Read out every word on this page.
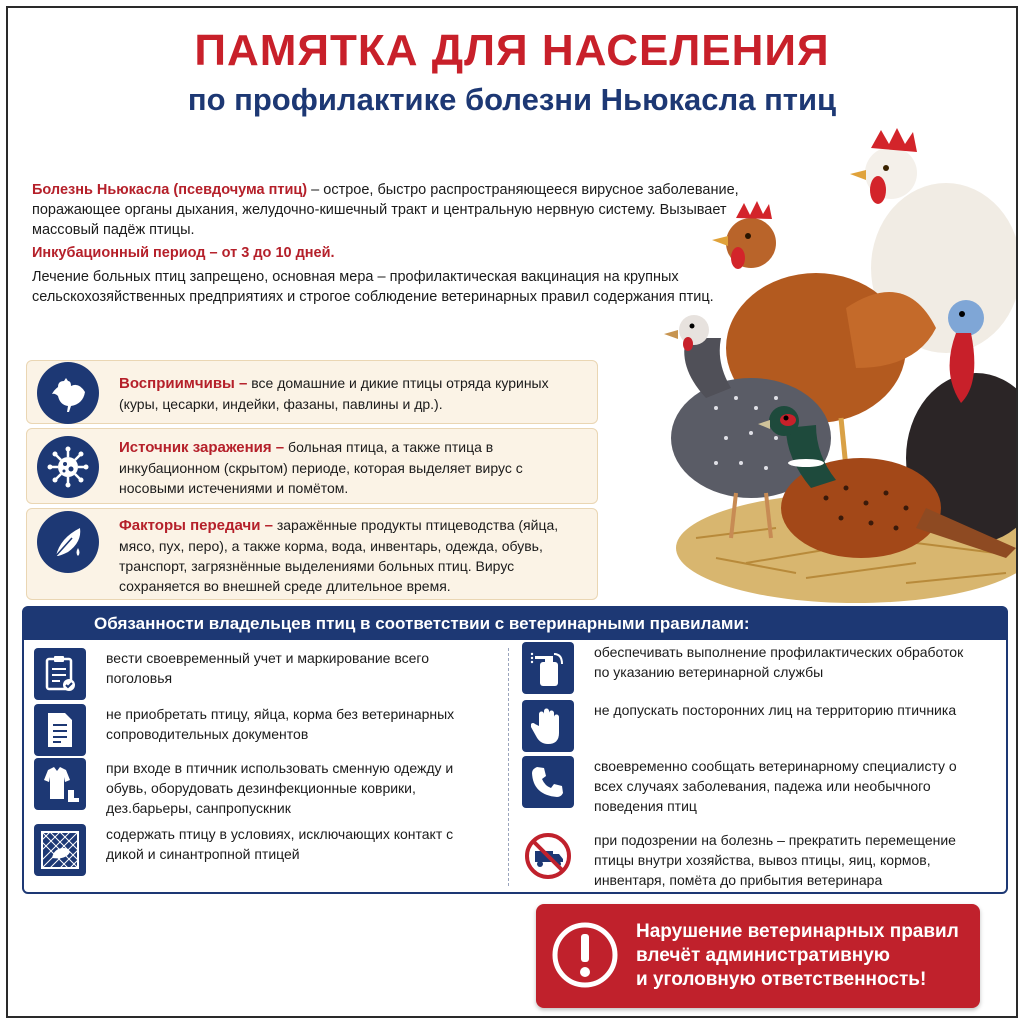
ПАМЯТКА ДЛЯ НАСЕЛЕНИЯ
по профилактике болезни Ньюкасла птиц

Болезнь Ньюкасла (псевдочума птиц) – острое, быстро распространяющееся вирусное заболевание, поражающее органы дыхания, желудочно-кишечный тракт и центральную нервную систему. Вызывает массовый падёж птицы.

Инкубационный период – от 3 до 10 дней.

Лечение больных птиц запрещено, основная мера – профилактическая вакцинация на крупных сельскохозяйственных предприятиях и строгое соблюдение ветеринарных правил содержания птиц.

Восприимчивы – все домашние и дикие птицы отряда куриных (куры, цесарки, индейки, фазаны, павлины и др.).
Источник заражения – больная птица, а также птица в инкубационном (скрытом) периоде, которая выделяет вирус с носовыми истечениями и помётом.
Факторы передачи – заражённые продукты птицеводства (яйца, мясо, пух, перо), а также корма, вода, инвентарь, одежда, обувь, транспорт, загрязнённые выделениями больных птиц. Вирус сохраняется во внешней среде длительное время.
Обязанности владельцев птиц в соответствии с ветеринарными правилами:
вести своевременный учет и маркирование всего поголовья
не приобретать птицу, яйца, корма без ветеринарных сопроводительных документов
при входе в птичник использовать сменную одежду и обувь, оборудовать дезинфекционные коврики, дез.барьеры, санпропускник
содержать птицу в условиях, исключающих контакт с дикой и синантропной птицей
обеспечивать выполнение профилактических обработок по указанию ветеринарной службы
не допускать посторонних лиц на территорию птичника
своевременно сообщать ветеринарному специалисту о всех случаях заболевания, падежа или необычного поведения птиц
при подозрении на болезнь – прекратить перемещение птицы внутри хозяйства, вывоз птицы, яиц, кормов, инвентаря, помёта до прибытия ветеринара
Нарушение ветеринарных правил
влечёт административную
и уголовную ответственность!
